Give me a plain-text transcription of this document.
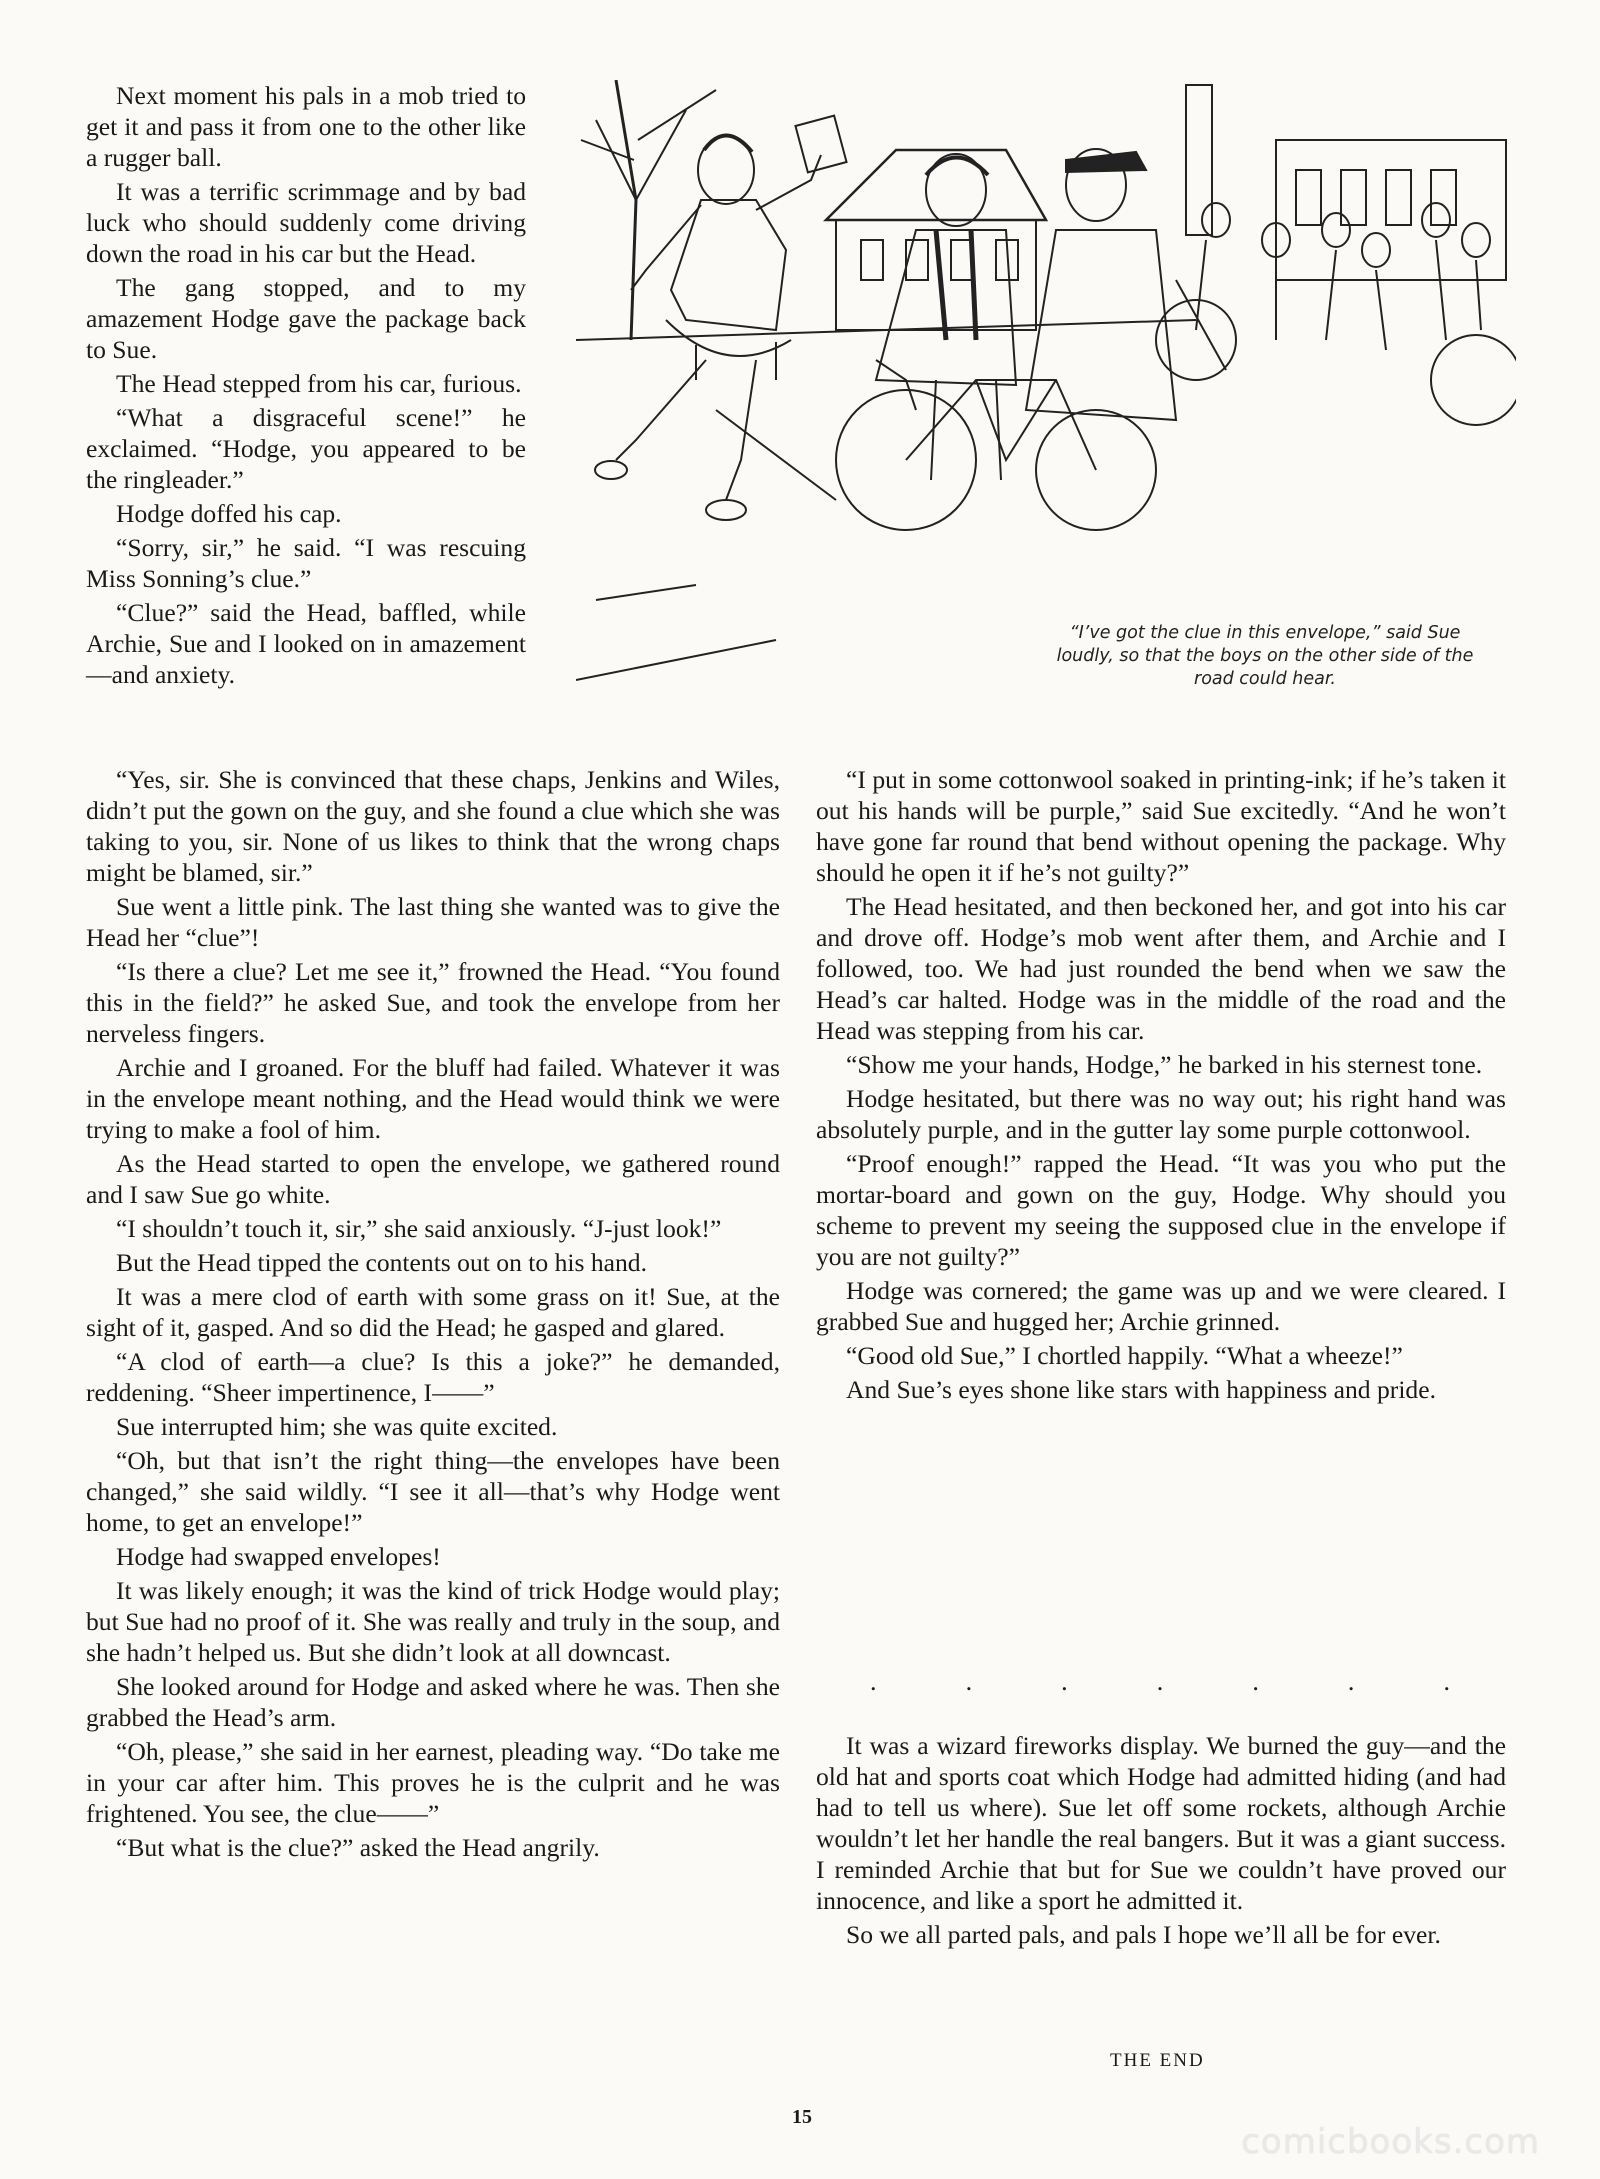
Next moment his pals in a mob tried to get it and pass it from one to the other like a rugger ball.

It was a terrific scrimmage and by bad luck who should suddenly come driving down the road in his car but the Head.

The gang stopped, and to my amazement Hodge gave the package back to Sue.

The Head stepped from his car, furious.

“What a disgraceful scene!” he exclaimed. “Hodge, you appeared to be the ringleader.”

Hodge doffed his cap.

“Sorry, sir,” he said. “I was rescuing Miss Sonning’s clue.”

“Clue?” said the Head, baffled, while Archie, Sue and I looked on in amazement—and anxiety.

“I’ve got the clue in this envelope,” said Sue loudly, so that the boys on the other side of the road could hear.

“Yes, sir. She is convinced that these chaps, Jenkins and Wiles, didn’t put the gown on the guy, and she found a clue which she was taking to you, sir. None of us likes to think that the wrong chaps might be blamed, sir.”

Sue went a little pink. The last thing she wanted was to give the Head her “clue”!

“Is there a clue? Let me see it,” frowned the Head. “You found this in the field?” he asked Sue, and took the envelope from her nerveless fingers.

Archie and I groaned. For the bluff had failed. Whatever it was in the envelope meant nothing, and the Head would think we were trying to make a fool of him.

As the Head started to open the envelope, we gathered round and I saw Sue go white.

“I shouldn’t touch it, sir,” she said anxiously. “J-just look!”

But the Head tipped the contents out on to his hand.

It was a mere clod of earth with some grass on it! Sue, at the sight of it, gasped. And so did the Head; he gasped and glared.

“A clod of earth—a clue? Is this a joke?” he demanded, reddening. “Sheer impertinence, I——”

Sue interrupted him; she was quite excited.

“Oh, but that isn’t the right thing—the envelopes have been changed,” she said wildly. “I see it all—that’s why Hodge went home, to get an envelope!”

Hodge had swapped envelopes!

It was likely enough; it was the kind of trick Hodge would play; but Sue had no proof of it. She was really and truly in the soup, and she hadn’t helped us. But she didn’t look at all downcast.

She looked around for Hodge and asked where he was. Then she grabbed the Head’s arm.

“Oh, please,” she said in her earnest, pleading way. “Do take me in your car after him. This proves he is the culprit and he was frightened. You see, the clue——”

“But what is the clue?” asked the Head angrily.

“I put in some cottonwool soaked in printing-ink; if he’s taken it out his hands will be purple,” said Sue excitedly. “And he won’t have gone far round that bend without opening the package. Why should he open it if he’s not guilty?”

The Head hesitated, and then beckoned her, and got into his car and drove off. Hodge’s mob went after them, and Archie and I followed, too. We had just rounded the bend when we saw the Head’s car halted. Hodge was in the middle of the road and the Head was stepping from his car.

“Show me your hands, Hodge,” he barked in his sternest tone.

Hodge hesitated, but there was no way out; his right hand was absolutely purple, and in the gutter lay some purple cottonwool.

“Proof enough!” rapped the Head. “It was you who put the mortar-board and gown on the guy, Hodge. Why should you scheme to prevent my seeing the supposed clue in the envelope if you are not guilty?”

Hodge was cornered; the game was up and we were cleared. I grabbed Sue and hugged her; Archie grinned.

“Good old Sue,” I chortled happily. “What a wheeze!”

And Sue’s eyes shone like stars with happiness and pride.

.	.	.	.	.	.	.
THE END
15
comicbooks.com

It was a wizard fireworks display. We burned the guy—and the old hat and sports coat which Hodge had admitted hiding (and had had to tell us where). Sue let off some rockets, although Archie wouldn’t let her handle the real bangers. But it was a giant success. I reminded Archie that but for Sue we couldn’t have proved our innocence, and like a sport he admitted it.

So we all parted pals, and pals I hope we’ll all be for ever.
